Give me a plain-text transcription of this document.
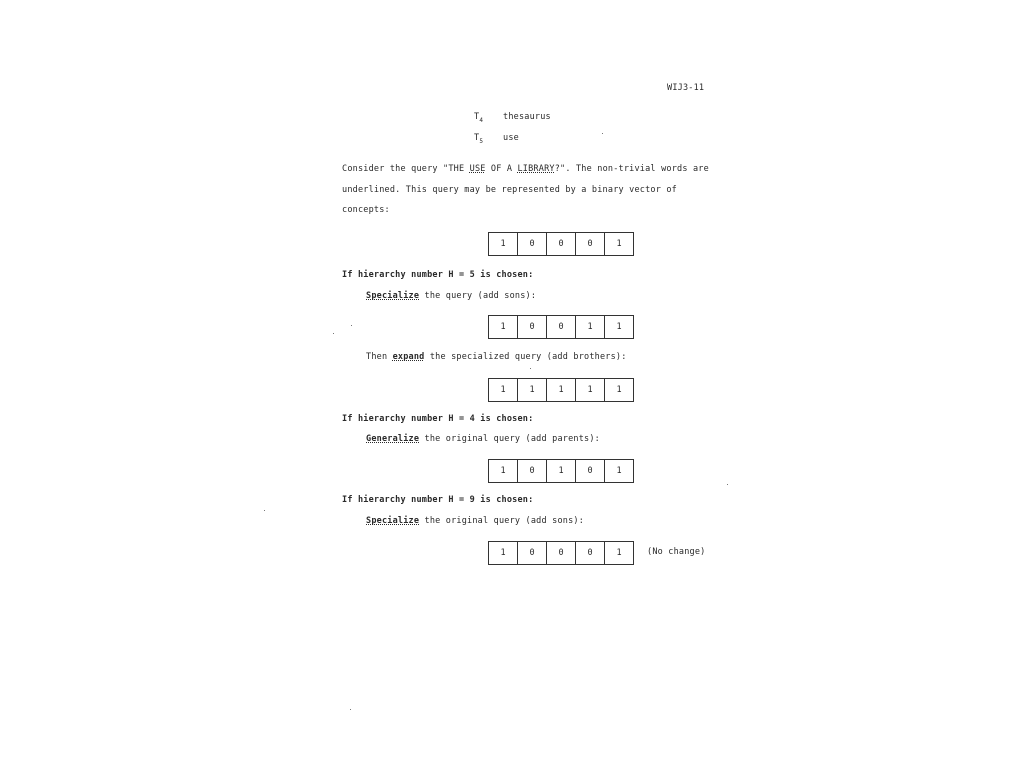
WIJ3-11
$T_4$ thesaurus
$T_5$ use
Consider the query "THE USE OF A LIBRARY?". The non-trivial words are
underlined. This query may be represented by a binary vector of
concepts:
1	0	0	0	1
If hierarchy number H = 5 is chosen:
Specialize the query (add sons):
1	0	0	1	1
Then expand the specialized query (add brothers):
1	1	1	1	1
If hierarchy number H = 4 is chosen:
Generalize the original query (add parents):
1	0	1	0	1
If hierarchy number H = 9 is chosen:
Specialize the original query (add sons):
1	0	0	0	1	(No change)
